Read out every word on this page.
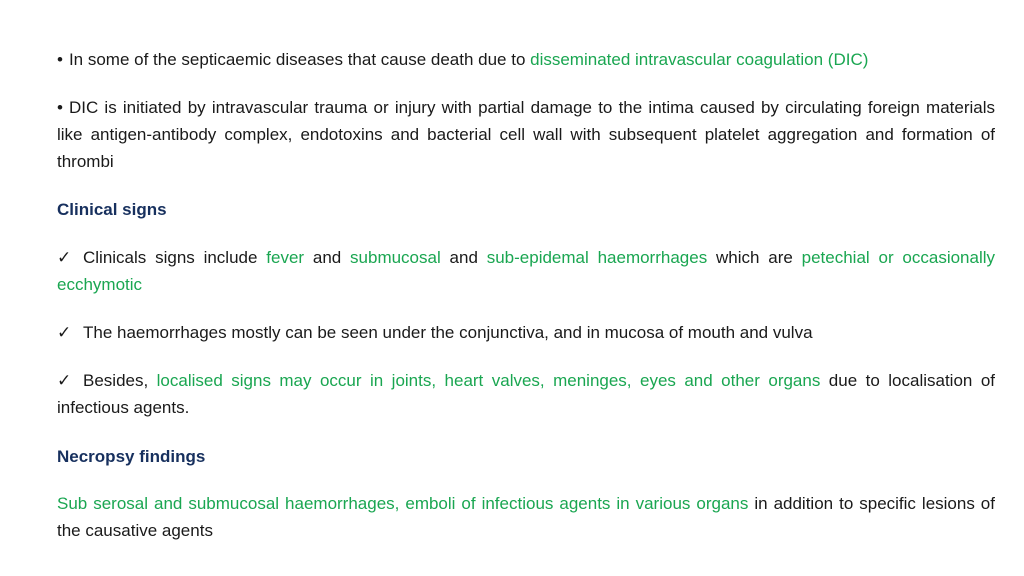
• In some of the septicaemic diseases that cause death due to disseminated intravascular coagulation (DIC)

• DIC is initiated by intravascular trauma or injury with partial damage to the intima caused by circulating foreign materials like antigen-antibody complex, endotoxins and bacterial cell wall with subsequent platelet aggregation and formation of thrombi

Clinical signs

✓ Clinicals signs include fever and submucosal and sub-epidemal haemorrhages which are petechial or occasionally ecchymotic

✓ The haemorrhages mostly can be seen under the conjunctiva, and in mucosa of mouth and vulva

✓ Besides, localised signs may occur in joints, heart valves, meninges, eyes and other organs due to localisation of infectious agents.

Necropsy findings

Sub serosal and submucosal haemorrhages, emboli of infectious agents in various organs in addition to specific lesions of the causative agents
